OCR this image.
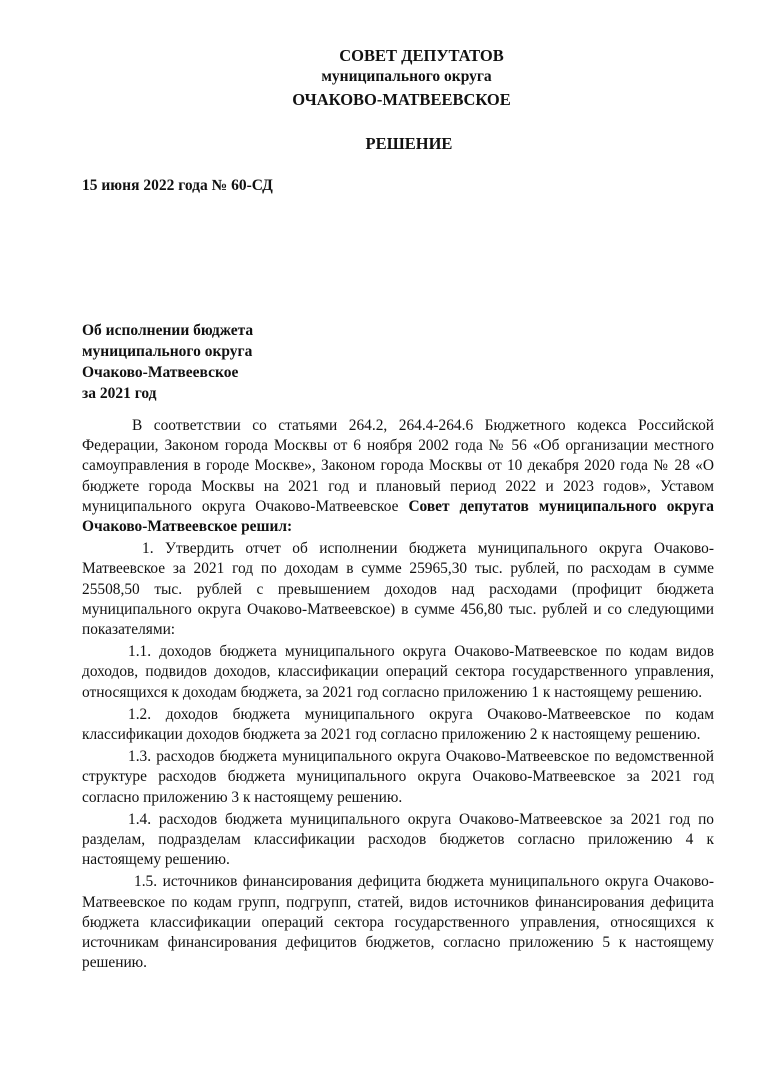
СОВЕТ ДЕПУТАТОВ
муниципального округа
ОЧАКОВО-МАТВЕЕВСКОЕ
РЕШЕНИЕ
15 июня 2022 года № 60-СД
Об исполнении бюджета
муниципального округа
Очаково-Матвеевское
за 2021 год

В соответствии со статьями 264.2, 264.4-264.6 Бюджетного кодекса Российской Федерации, Законом города Москвы от 6 ноября 2002 года № 56 «Об организации местного самоуправления в городе Москве», Законом города Москвы от 10 декабря 2020 года № 28 «О бюджете города Москвы на 2021 год и плановый период 2022 и 2023 годов», Уставом муниципального округа Очаково-Матвеевское Совет депутатов муниципального округа Очаково-Матвеевское решил:

1. Утвердить отчет об исполнении бюджета муниципального округа Очаково-Матвеевское за 2021 год по доходам в сумме 25965,30 тыс. рублей, по расходам в сумме 25508,50 тыс. рублей с превышением доходов над расходами (профицит бюджета муниципального округа Очаково-Матвеевское) в сумме 456,80 тыс. рублей и со следующими показателями:

1.1. доходов бюджета муниципального округа Очаково-Матвеевское по кодам видов доходов, подвидов доходов, классификации операций сектора государственного управления, относящихся к доходам бюджета, за 2021 год согласно приложению 1 к настоящему решению.

1.2. доходов бюджета муниципального округа Очаково-Матвеевское по кодам классификации доходов бюджета за 2021 год согласно приложению 2 к настоящему решению.

1.3. расходов бюджета муниципального округа Очаково-Матвеевское по ведомственной структуре расходов бюджета муниципального округа Очаково-Матвеевское за 2021 год согласно приложению 3 к настоящему решению.

1.4. расходов бюджета муниципального округа Очаково-Матвеевское за 2021 год по разделам, подразделам классификации расходов бюджетов согласно приложению 4 к настоящему решению.

1.5. источников финансирования дефицита бюджета муниципального округа Очаково-Матвеевское по кодам групп, подгрупп, статей, видов источников финансирования дефицита бюджета классификации операций сектора государственного управления, относящихся к источникам финансирования дефицитов бюджетов, согласно приложению 5 к настоящему решению.
